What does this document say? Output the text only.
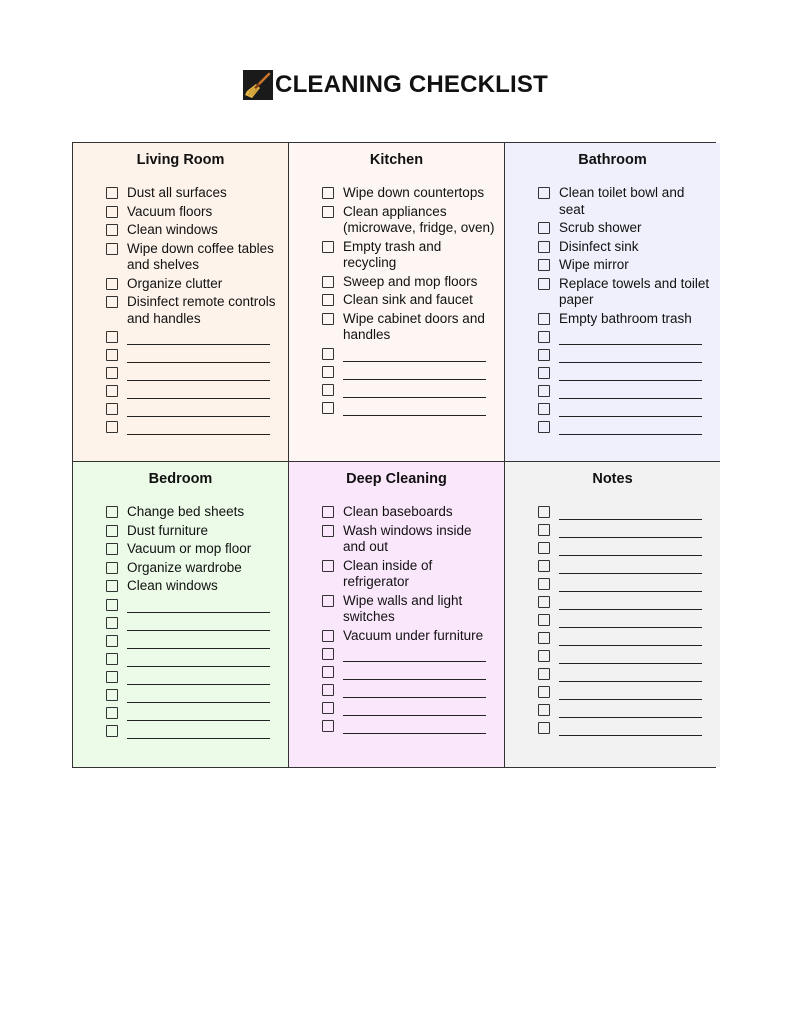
CLEANING CHECKLIST
Living Room
Dust all surfaces
Vacuum floors
Clean windows
Wipe down coffee tables and shelves
Organize clutter
Disinfect remote controls and handles
Kitchen
Wipe down countertops
Clean appliances (microwave, fridge, oven)
Empty trash and recycling
Sweep and mop floors
Clean sink and faucet
Wipe cabinet doors and handles
Bathroom
Clean toilet bowl and seat
Scrub shower
Disinfect sink
Wipe mirror
Replace towels and toilet paper
Empty bathroom trash
Bedroom
Change bed sheets
Dust furniture
Vacuum or mop floor
Organize wardrobe
Clean windows
Deep Cleaning
Clean baseboards
Wash windows inside and out
Clean inside of refrigerator
Wipe walls and light switches
Vacuum under furniture
Notes
